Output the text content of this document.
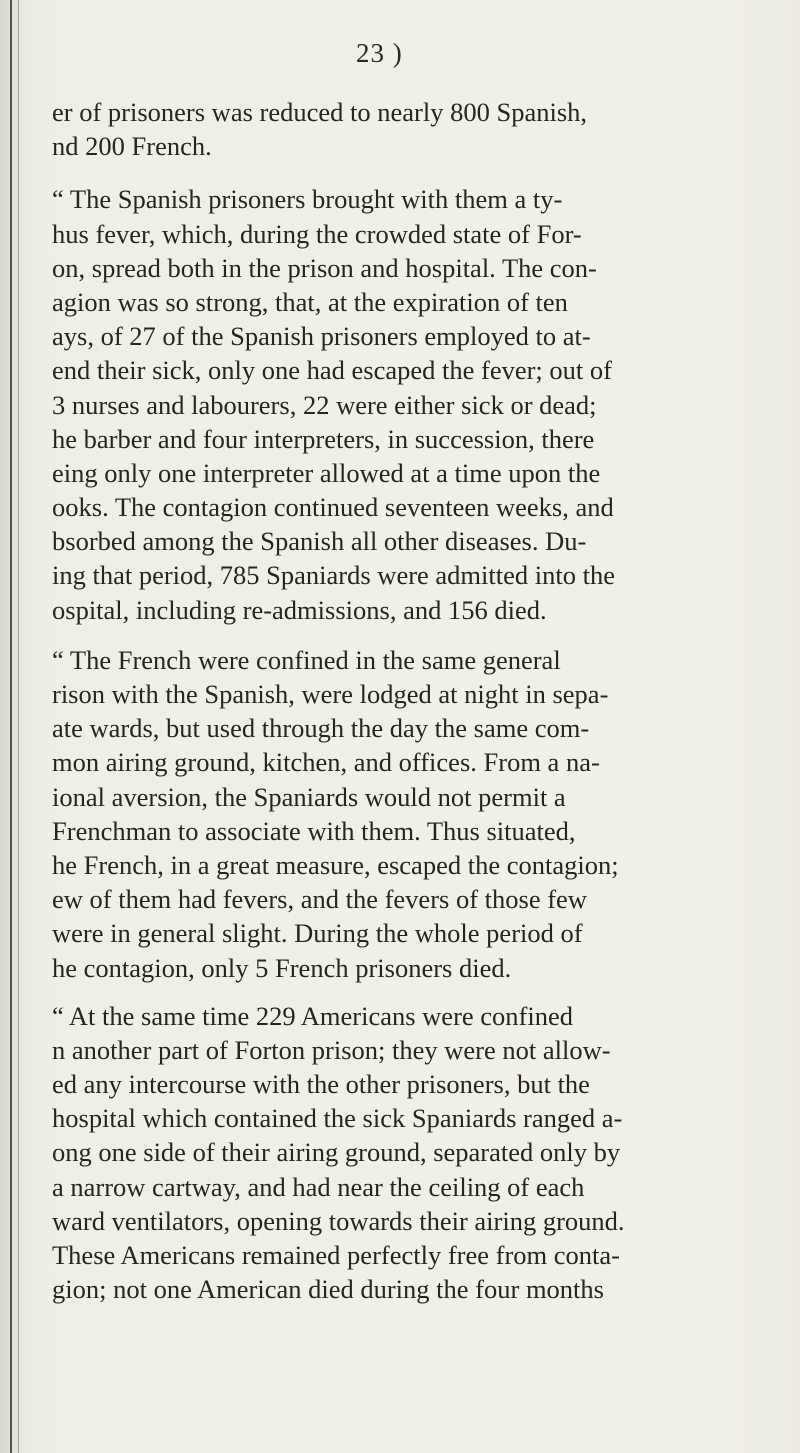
23 )
er of prisoners was reduced to nearly 800 Spanish,
nd 200 French.
“ The Spanish prisoners brought with them a ty-
hus fever, which, during the crowded state of For-
on, spread both in the prison and hospital. The con-
agion was so strong, that, at the expiration of ten
ays, of 27 of the Spanish prisoners employed to at-
end their sick, only one had escaped the fever; out of
3 nurses and labourers, 22 were either sick or dead;
he barber and four interpreters, in succession, there
eing only one interpreter allowed at a time upon the
ooks. The contagion continued seventeen weeks, and
bsorbed among the Spanish all other diseases. Du-
ing that period, 785 Spaniards were admitted into the
ospital, including re-admissions, and 156 died.
“ The French were confined in the same general
rison with the Spanish, were lodged at night in sepa-
ate wards, but used through the day the same com-
mon airing ground, kitchen, and offices. From a na-
ional aversion, the Spaniards would not permit a
Frenchman to associate with them. Thus situated,
he French, in a great measure, escaped the contagion;
ew of them had fevers, and the fevers of those few
were in general slight. During the whole period of
he contagion, only 5 French prisoners died.
“ At the same time 229 Americans were confined
n another part of Forton prison; they were not allow-
ed any intercourse with the other prisoners, but the
hospital which contained the sick Spaniards ranged a-
ong one side of their airing ground, separated only by
a narrow cartway, and had near the ceiling of each
ward ventilators, opening towards their airing ground.
These Americans remained perfectly free from conta-
gion; not one American died during the four months
